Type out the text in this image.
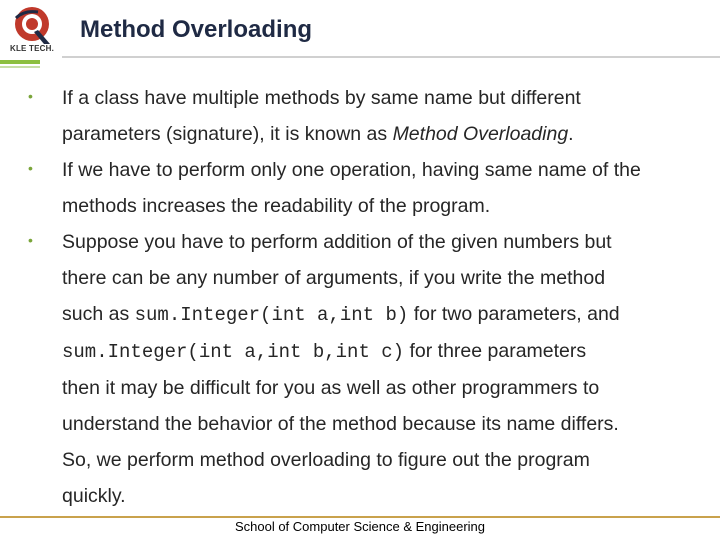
KLE TECH.
Method Overloading
• If a class have multiple methods by same name but different
parameters (signature), it is known as Method Overloading.

• If we have to perform only one operation, having same name of the
methods increases the readability of the program.

• Suppose you have to perform addition of the given numbers but
there can be any number of arguments, if you write the method
such as sum.Integer(int a,int b) for two parameters, and
sum.Integer(int a,int b,int c) for three parameters
then it may be difficult for you as well as other programmers to
understand the behavior of the method because its name differs.
So, we perform method overloading to figure out the program
quickly.

School of Computer Science & Engineering
